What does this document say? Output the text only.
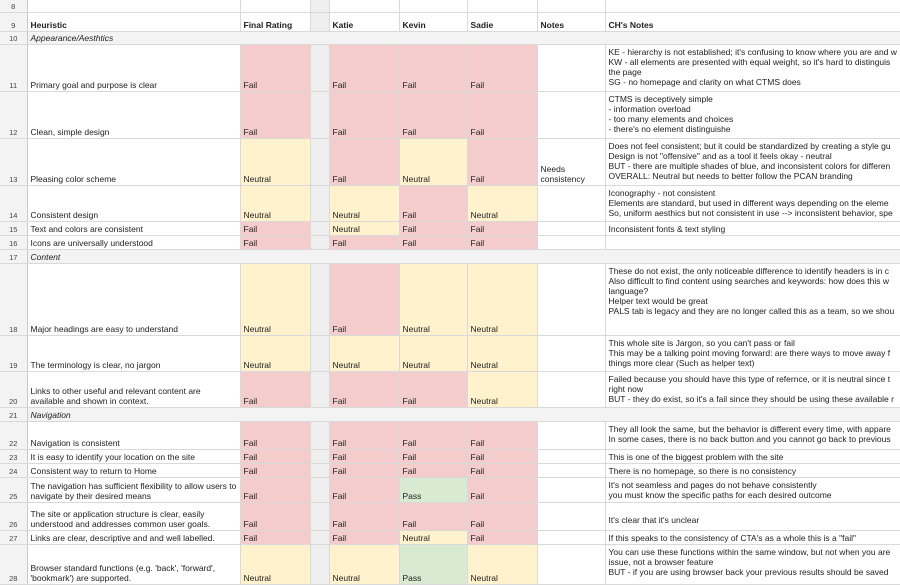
8								
9	Heuristic	Final Rating		Katie	Kevin	Sadie	Notes	CH's Notes
10	Appearance/Aesthtics							
11	Primary goal and purpose is clear	Fail		Fail	Fail	Fail		KE - hierarchy is not established; it's confusing to know where you are and w
KW - all elements are presented with equal weight, so it's hard to distinguis
the page
SG - no homepage and clarity on what CTMS does

12	Clean, simple design	Fail		Fail	Fail	Fail		CTMS is deceptively simple
- information overload
- too many elements and choices
- there's no element distinguishe

13	Pleasing color scheme	Neutral		Fail	Neutral	Fail	Needs consistency	Does not feel consistent; but it could be standardized by creating a style gu
Design is not "offensive" and as a tool it feels okay - neutral
BUT - there are multiple shades of blue, and inconsistent colors for differen
OVERALL: Neutral but needs to better follow the PCAN branding

14	Consistent design	Neutral		Neutral	Fail	Neutral		Iconography - not consistent
Elements are standard, but used in different ways depending on the eleme
So, uniform aesthics but not consistent in use --> inconsistent behavior, spe

15	Text and colors are consistent	Fail		Neutral	Fail	Fail		Inconsistent fonts & text styling

16	Icons are universally understood	Fail		Fail	Fail	Fail		
17	Content							
18	Major headings are easy to understand	Neutral		Fail	Neutral	Neutral		These do not exist, the only noticeable difference to identify headers is in c
Also difficult to find content using searches and keywords: how does this w
language?
Helper text would be great
PALS tab is legacy and they are no longer called this as a team, so we shou

19	The terminology is clear, no jargon	Neutral		Neutral	Neutral	Neutral		This whole site is Jargon, so you can't pass or fail
This may be a talking point moving forward: are there ways to move away f
things more clear (Such as helper text)

20	Links to other useful and relevant content are available and shown in context.	Fail		Fail	Fail	Neutral		Failed because you should have this type of refernce, or it is neutral since t
right now
BUT - they do exist, so it's a fail since they should be using these available r

21	Navigation							
22	Navigation is consistent	Fail		Fail	Fail	Fail		They all look the same, but the behavior is different every time, with appare
In some cases, there is no back button and you cannot go back to previous

23	It is easy to identify your location on the site	Fail		Fail	Fail	Fail		This is one of the biggest problem with the site

24	Consistent way to return to Home	Fail		Fail	Fail	Fail		There is no homepage, so there is no consistency

25	The navigation has sufficient flexibility to allow users to navigate by their desired means	Fail		Fail	Pass	Fail		It's not seamless and pages do not behave consistently
you must know the specific paths for each desired outcome

26	The site or application structure is clear, easily understood and addresses common user goals.	Fail		Fail	Fail	Fail		It's clear that it's unclear

27	Links are clear, descriptive and and well labelled.	Fail		Fail	Neutral	Fail		If this speaks to the consistency of CTA's as a whole this is a "fail"

28	Browser standard functions (e.g. 'back', 'forward', 'bookmark') are supported.	Neutral		Neutral	Pass	Neutral		You can use these functions within the same window, but not when you are
issue, not a browser feature
BUT - if you are using browser back your previous results should be saved
